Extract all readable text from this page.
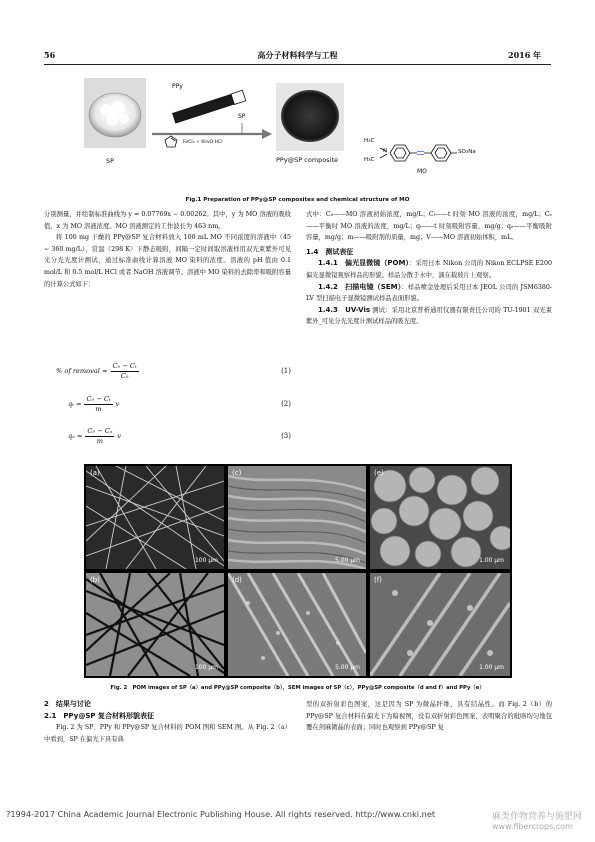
56	高分子材料科学与工程	2016 年
SP
PPy
SP
FeCl₃ + 6H₂O·HCl
PPy@SP composite
H₃C
H₃C
N	SO₃Na
MO
Fig.1 Preparation of PPy@SP composites and chemical structure of MO

分别测量，并绘制标准曲线为 y = 0.07769x − 0.00262。其中，y 为 MO 溶液的吸收值，x 为 MO 溶液浓度。MO 溶液测定的工作波长为 463 nm。

将 100 mg 干燥的 PPy@SP 复合材料放入 100 mL MO 不同浓度的溶液中（45 ~ 360 mg/L），常温（298 K）下静态吸附，间隔一定时间取溶液样用双光束紫外可见光分光光度计测试，通过标准曲线计算溶液 MO 染料的浓度。溶液的 pH 值由 0.1 mol/L 和 0.5 mol/L HCl 或者 NaOH 溶液调节。溶液中 MO 染料的去除率和吸附容量的计算公式如下：

% of removal = $\frac{\text{C₀ − Cₜ}}{\text{C₀}}$	(1)
$q_t = \frac{\text{C₀ − Cₜ}}{m}$ v	(2)
$q_e = \frac{\text{C₀ − Cₑ}}{m}$ v	(3)

式中：C₀——MO 溶液初始浓度，mg/L；Cₜ——t 时刻 MO 溶液的浓度，mg/L；Cₑ——平衡时 MO 溶液的浓度，mg/L；qₜ——t 时刻吸附容量，mg/g；qₑ——平衡吸附容量，mg/g；m——吸附剂的质量，mg；V——MO 溶液初始体积，mL。

1.4　测试表征

1.4.1　偏光显微镜（POM）：采用日本 Nikon 公司的 Nikon ECLPSE E200 偏光显微镜观察样品的形貌。样品分散于水中，滴在载玻片上观察。

1.4.2　扫描电镜（SEM）：样品喷金处理后采用日本 JEOL 公司的 JSM6380-LV 型扫描电子显微镜测试样品表面形貌。

1.4.3　UV-Vis 测试：采用北京普析通用仪器有限责任公司的 TU-1901 双光束紫外_可见分光光度计测试样品的吸光度。

(a)
100 μm
(c)
5.00 μm
(e)
1.00 μm
(b)
100 μm
(d)
5.00 μm
(f)
1.00 μm
Fig. 2　POM images of SP（a）and PPy@SP composite（b），SEM images of SP（c），PPy@SP composite（d and f）and PPy（e）

2　结果与讨论

2.1　PPy@SP 复合材料形貌表征

Fig. 2 为 SP、PPy 和 PPy@SP 复合材料的 POM 图和 SEM 图。从 Fig. 2（a）中看到，SP 在偏光下具有典

型的双折射彩色图案，这是因为 SP 为微晶纤维，具有结晶性。而 Fig. 2（b）的 PPy@SP 复合材料在偏光下为暗视图，没有双折射彩色图案，表明聚合的吡咯均匀地包覆在剑麻微晶的表面；同时也观察到 PPy@SP 复

?1994-2017 China Academic Journal Electronic Publishing House. All rights reserved. http://www.cnki.net	麻类作物营养与施肥网
www.fibercrops.com
